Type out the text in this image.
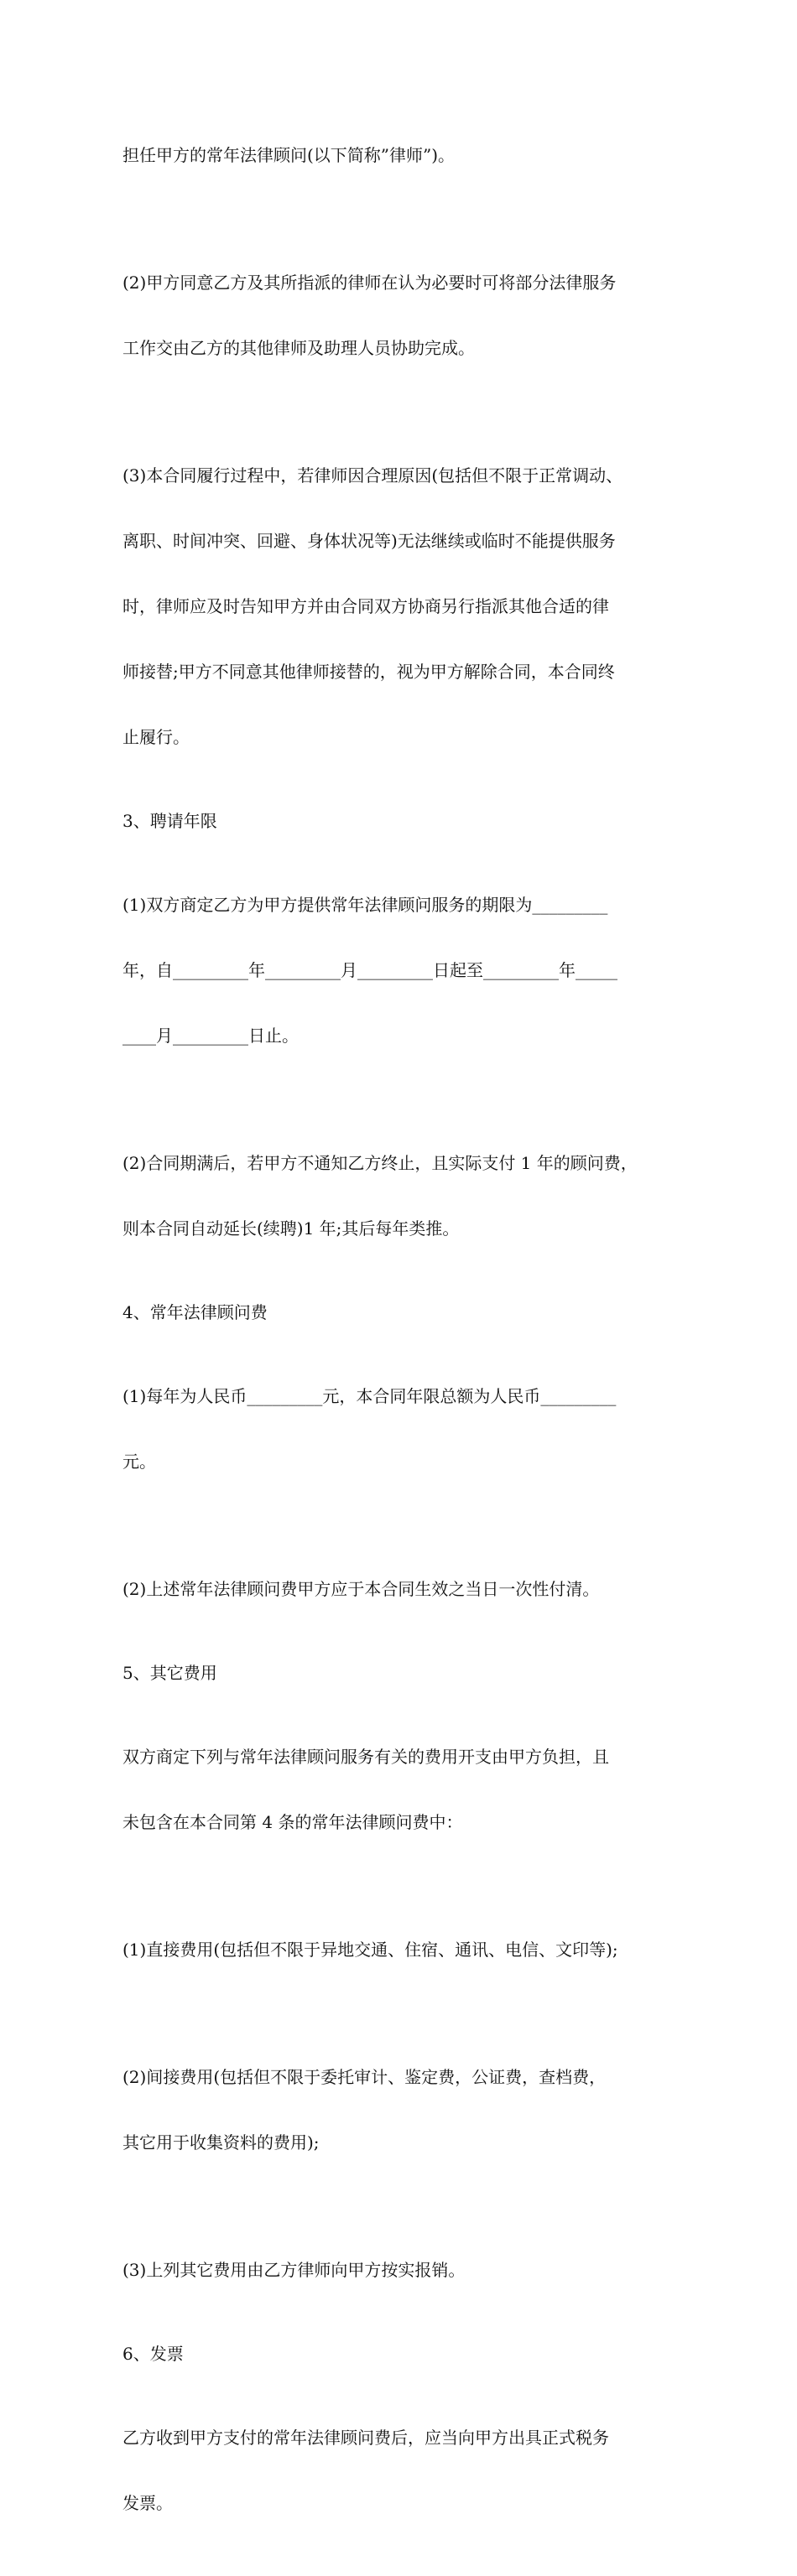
担任甲方的常年法律顾问(以下简称”律师”)。

(2)甲方同意乙方及其所指派的律师在认为必要时可将部分法律服务

工作交由乙方的其他律师及助理人员协助完成。

(3)本合同履行过程中，若律师因合理原因(包括但不限于正常调动、

离职、时间冲突、回避、身体状况等)无法继续或临时不能提供服务

时，律师应及时告知甲方并由合同双方协商另行指派其他合适的律

师接替;甲方不同意其他律师接替的，视为甲方解除合同，本合同终

止履行。

3、聘请年限

(1)双方商定乙方为甲方提供常年法律顾问服务的期限为_________

年，自_________年_________月_________日起至_________年_____

____月_________日止。

(2)合同期满后，若甲方不通知乙方终止，且实际支付 1 年的顾问费，

则本合同自动延长(续聘)1 年;其后每年类推。

4、常年法律顾问费

(1)每年为人民币_________元，本合同年限总额为人民币_________

元。

(2)上述常年法律顾问费甲方应于本合同生效之当日一次性付清。

5、其它费用

双方商定下列与常年法律顾问服务有关的费用开支由甲方负担，且

未包含在本合同第 4 条的常年法律顾问费中：

(1)直接费用(包括但不限于异地交通、住宿、通讯、电信、文印等);

(2)间接费用(包括但不限于委托审计、鉴定费，公证费，查档费，

其它用于收集资料的费用);

(3)上列其它费用由乙方律师向甲方按实报销。

6、发票

乙方收到甲方支付的常年法律顾问费后，应当向甲方出具正式税务

发票。
